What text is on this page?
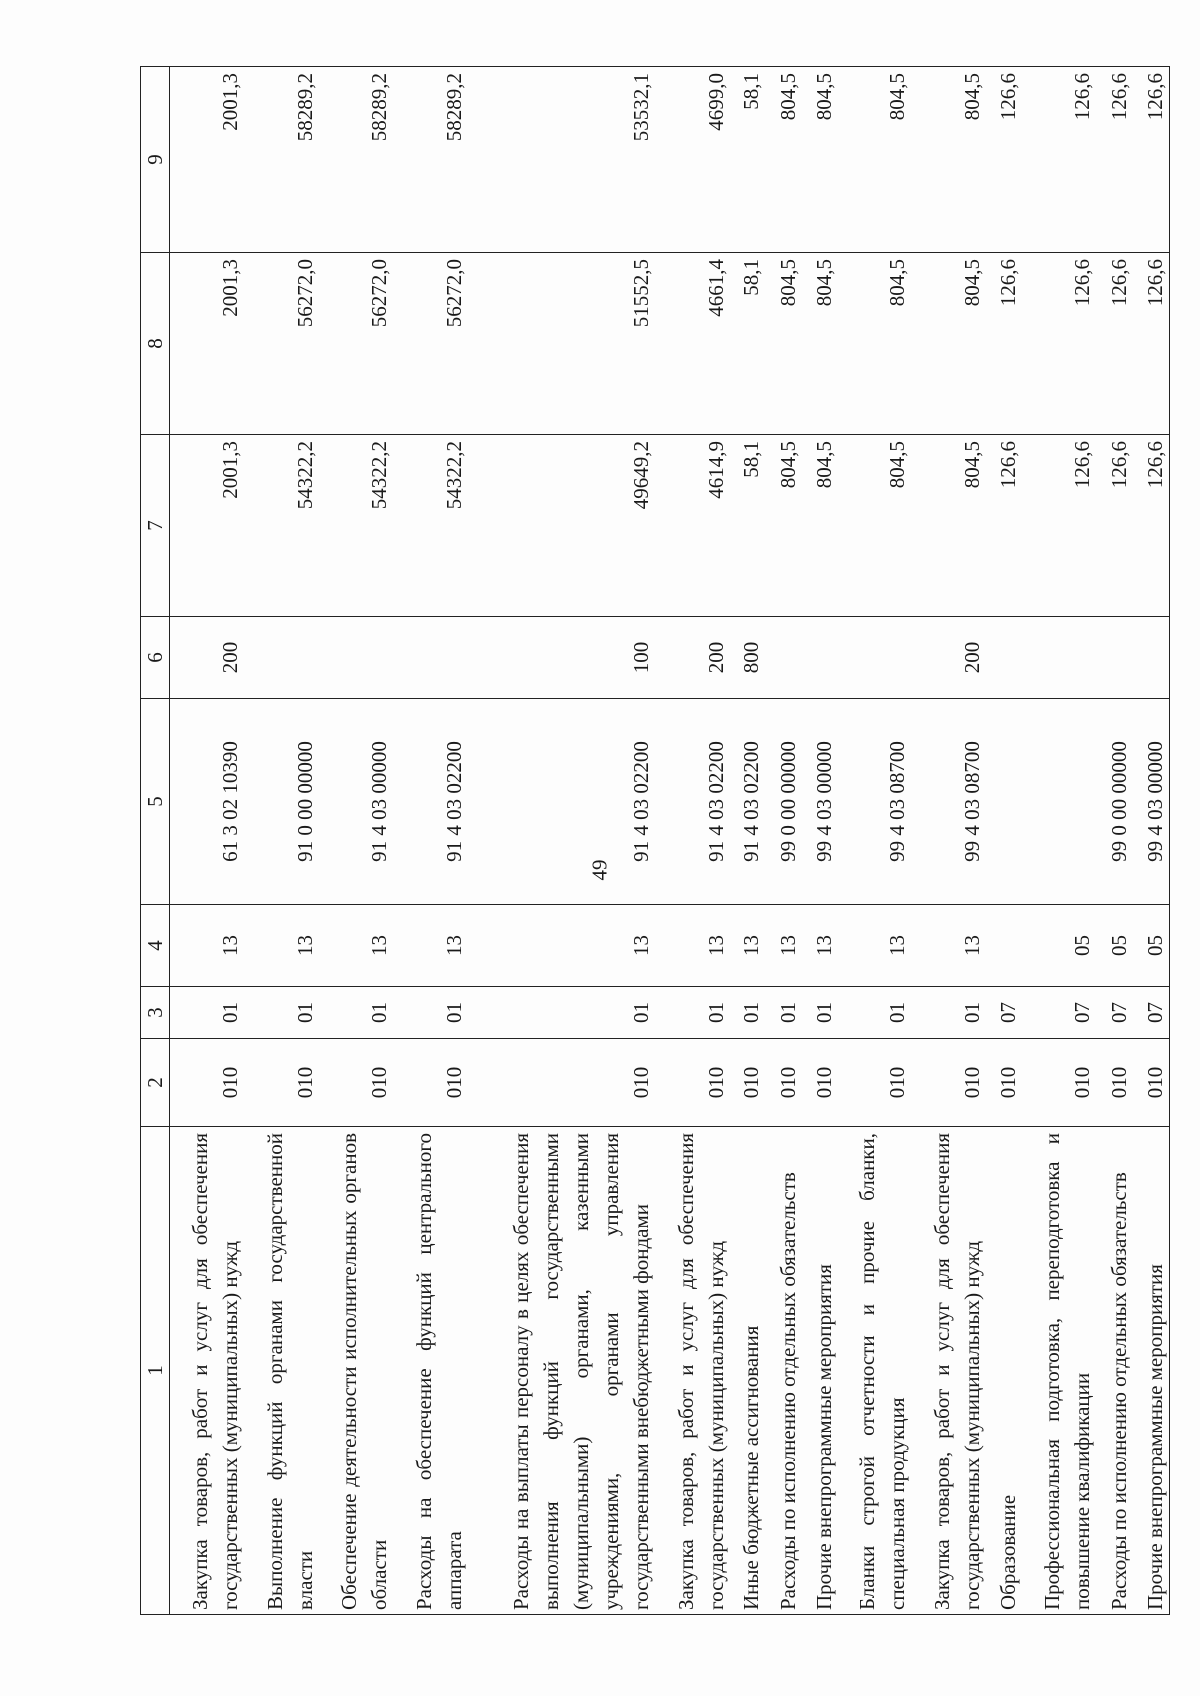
49
1	2	3	4	5	6	7	8	9
Закупка товаров, работ и услуг для обеспечения государственных (муниципальных) нужд	010	01	13	61 3 02 10390	200	2001,3	2001,3	2001,3
Выполнение функций органами государственной власти	010	01	13	91 0 00 00000		54322,2	56272,0	58289,2
Обеспечение деятельности исполнительных органов области	010	01	13	91 4 03 00000		54322,2	56272,0	58289,2
Расходы на обеспечение функций центрального аппарата	010	01	13	91 4 03 02200		54322,2	56272,0	58289,2
Расходы на выплаты персоналу в целях обеспечения выполнения функций государственными (муниципальными) органами, казенными учреждениями, органами управления государственными внебюджетными фондами	010	01	13	91 4 03 02200	100	49649,2	51552,5	53532,1
Закупка товаров, работ и услуг для обеспечения государственных (муниципальных) нужд	010	01	13	91 4 03 02200	200	4614,9	4661,4	4699,0
Иные бюджетные ассигнования	010	01	13	91 4 03 02200	800	58,1	58,1	58,1
Расходы по исполнению отдельных обязательств	010	01	13	99 0 00 00000		804,5	804,5	804,5
Прочие внепрограммные мероприятия	010	01	13	99 4 03 00000		804,5	804,5	804,5
Бланки строгой отчетности и прочие бланки, специальная продукция	010	01	13	99 4 03 08700		804,5	804,5	804,5
Закупка товаров, работ и услуг для обеспечения государственных (муниципальных) нужд	010	01	13	99 4 03 08700	200	804,5	804,5	804,5
Образование	010	07				126,6	126,6	126,6
Профессиональная подготовка, переподготовка и повышение квалификации	010	07	05			126,6	126,6	126,6
Расходы по исполнению отдельных обязательств	010	07	05	99 0 00 00000		126,6	126,6	126,6
Прочие внепрограммные мероприятия	010	07	05	99 4 03 00000		126,6	126,6	126,6
